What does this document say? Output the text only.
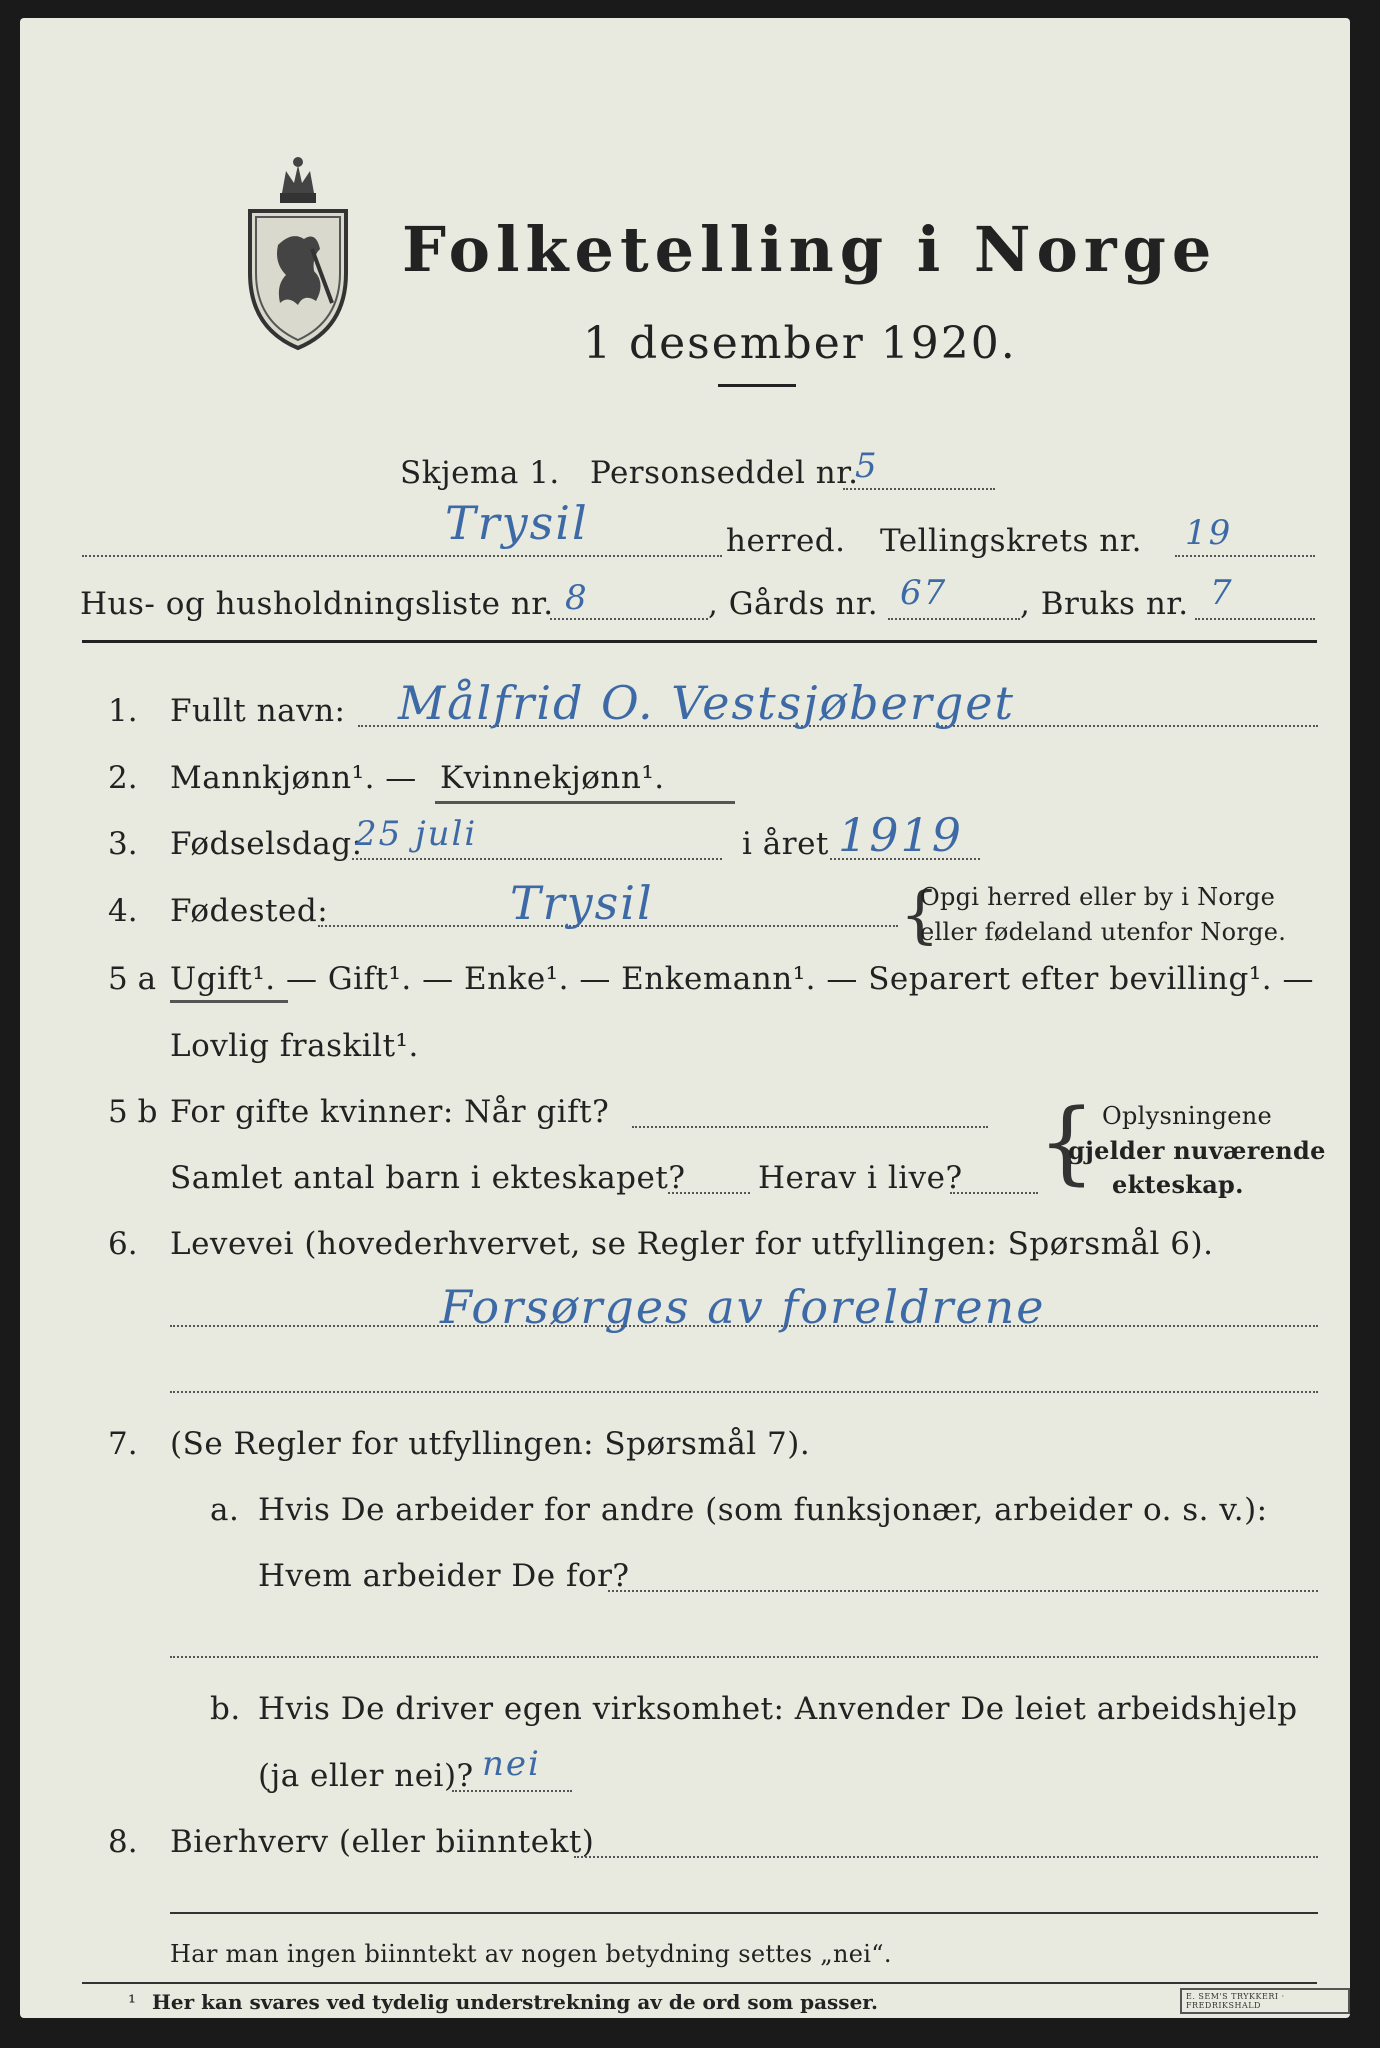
Folketelling i Norge
1 desember 1920.
Skjema 1. Personseddel nr.
5
Trysil	herred. Tellingskrets nr. 19
Hus- og husholdningsliste nr. 8	, Gårds nr. 67 , Bruks nr. 7
1. Fullt navn: Målfrid O. Vestsjøberget
2. Mannkjønn¹. — Kvinnekjønn¹.
3. Fødselsdag:
25 juli	i året 1919
4. Fødested:	Trysil	{
Opgi herred eller by i Norge
eller fødeland utenfor Norge.
5 a Ugift¹. — Gift¹. — Enke¹. — Enkemann¹. — Separert efter bevilling¹. —
Lovlig fraskilt¹.
5 b For gifte kvinner: Når gift?
Samlet antal barn i ekteskapet? Herav i live? { Oplysningene
gjelder nuværende
ekteskap.
6. Levevei (hovederhvervet, se Regler for utfyllingen: Spørsmål 6).
Forsørges av foreldrene
7. (Se Regler for utfyllingen: Spørsmål 7).
a. Hvis De arbeider for andre (som funksjonær, arbeider o. s. v.):
Hvem arbeider De for?
b. Hvis De driver egen virksomhet: Anvender De leiet arbeidshjelp
(ja eller nei)? nei
8. Bierhverv (eller biinntekt)
Har man ingen biinntekt av nogen betydning settes „nei“.
¹ Her kan svares ved tydelig understrekning av de ord som passer.	E. SEM'S TRYKKERI · FREDRIKSHALD
